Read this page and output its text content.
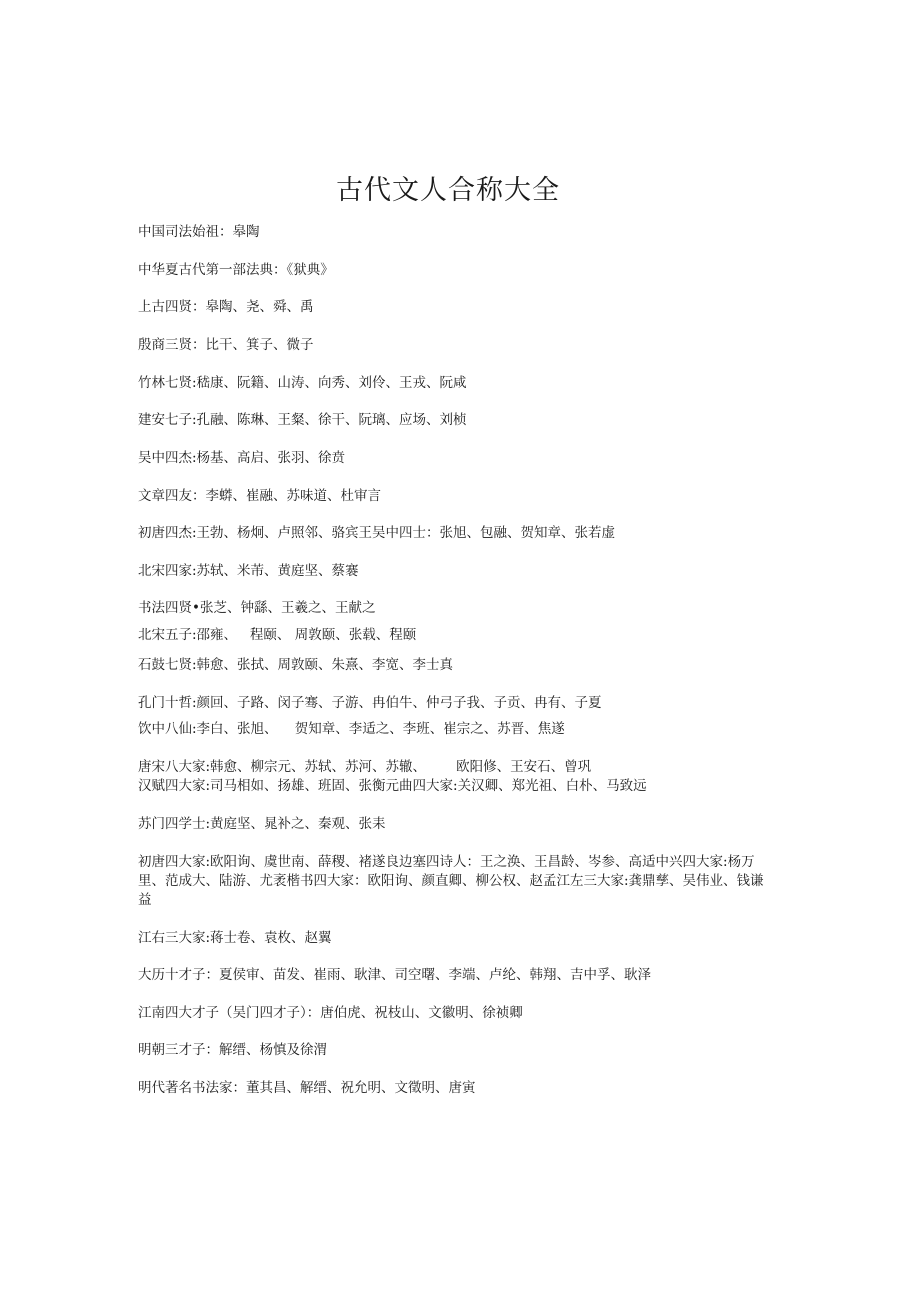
古代文人合称大全

中国司法始祖：皋陶

中华夏古代第一部法典：《狱典》

上古四贤：皋陶、尧、舜、禹

殷商三贤：比干、箕子、微子

竹林七贤:嵇康、阮籍、山涛、向秀、刘伶、王戎、阮咸

建安七子:孔融、陈琳、王粲、徐干、阮璃、应场、刘桢

吴中四杰:杨基、高启、张羽、徐贲

文章四友：李蟒、崔融、苏味道、杜审言

初唐四杰:王勃、杨炯、卢照邻、骆宾王吴中四士：张旭、包融、贺知章、张若虚

北宋四家:苏轼、米芾、黄庭坚、蔡褰

书法四贤•张芝、钟繇、王羲之、王献之

北宋五子:邵雍、   程颐、 周敦颐、张载、程颐

石鼓七贤:韩愈、张拭、周敦颐、朱熹、李宽、李士真

孔门十哲:颜回、子路、闵子骞、子游、冉伯牛、仲弓子我、子贡、冉有、子夏

饮中八仙:李白、张旭、    贺知章、李适之、李班、崔宗之、苏晋、焦遂

唐宋八大家:韩愈、柳宗元、苏轼、苏河、苏辙、       欧阳修、王安石、曾巩

汉赋四大家:司马相如、扬雄、班固、张衡元曲四大家:关汉卿、郑光祖、白朴、马致远

苏门四学士:黄庭坚、晁补之、秦观、张耒

初唐四大家:欧阳询、虞世南、薛稷、褚遂良边塞四诗人：王之涣、王昌龄、岑参、高适中兴四大家:杨万里、范成大、陆游、尤袤楷书四大家：欧阳询、颜直卿、柳公权、赵孟江左三大家:龚鼎孳、吴伟业、钱谦益

江右三大家:蒋士卷、袁枚、赵翼

大历十才子：夏侯审、苗发、崔雨、耿津、司空曙、李端、卢纶、韩翔、吉中孚、耿泽

江南四大才子（吴门四才子）：唐伯虎、祝枝山、文徽明、徐祯卿

明朝三才子：解缙、杨慎及徐渭

明代著名书法家：董其昌、解缙、祝允明、文徵明、唐寅
